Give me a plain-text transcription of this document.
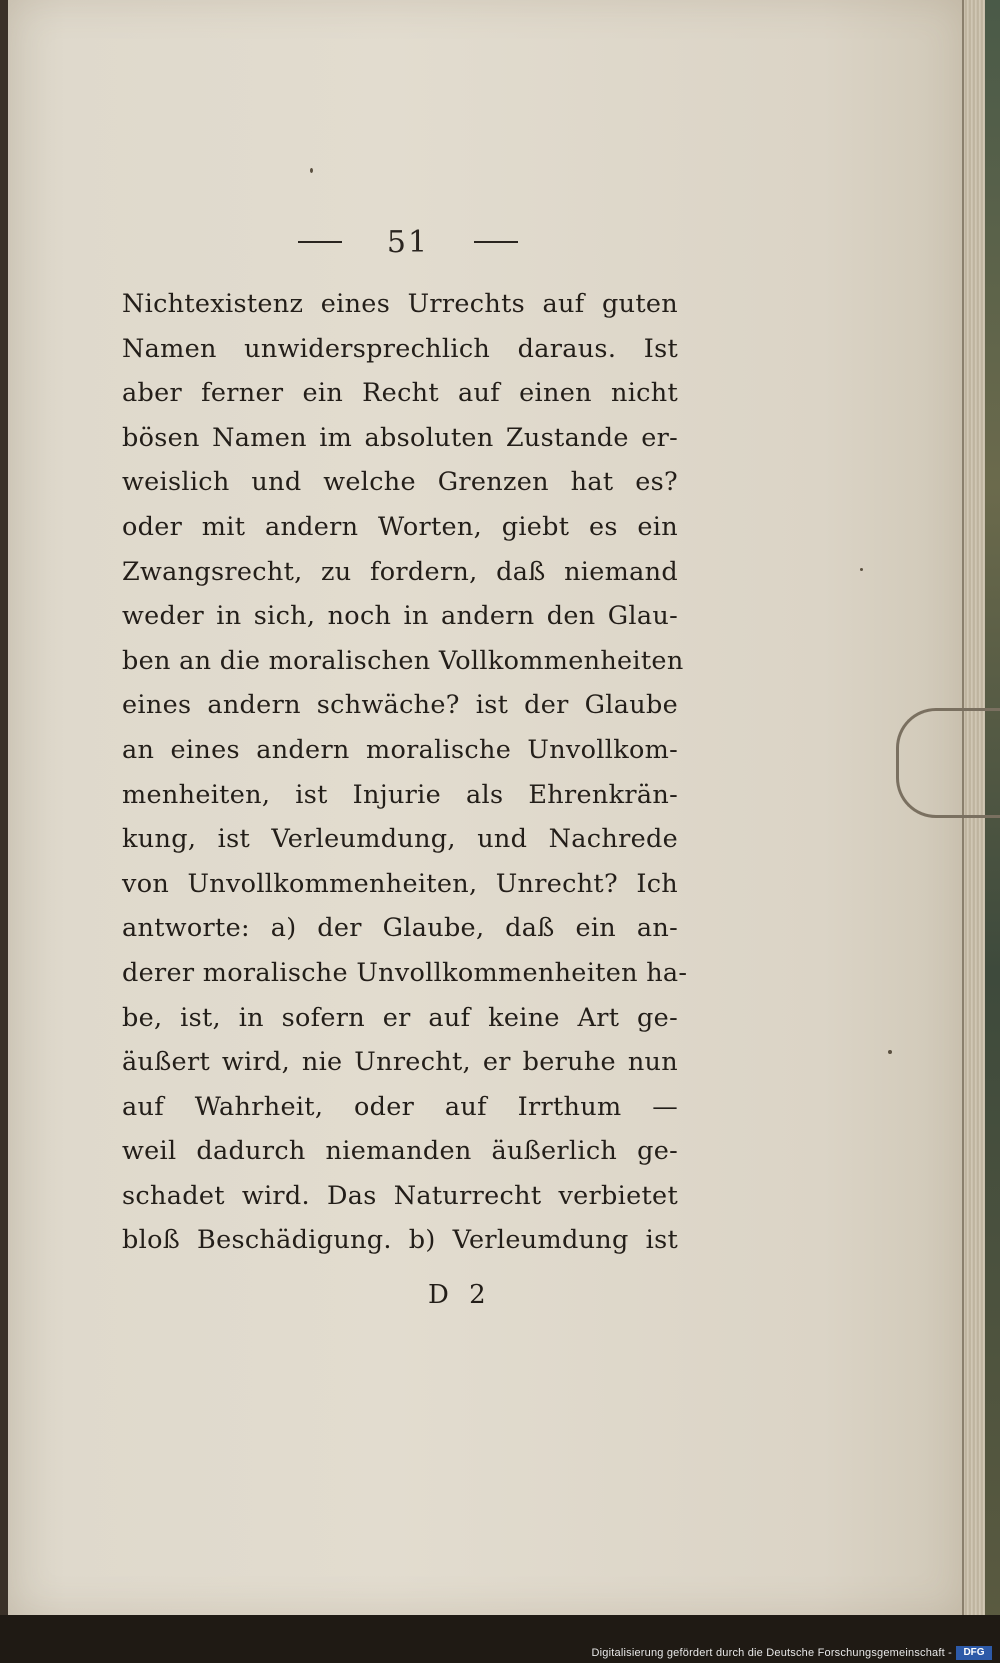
51
Nichtexistenz eines Urrechts auf guten
Namen unwidersprechlich daraus. Ist
aber ferner ein Recht auf einen nicht
bösen Namen im absoluten Zustande er-
weislich und welche Grenzen hat es?
oder mit andern Worten, giebt es ein
Zwangsrecht, zu fordern, daß niemand
weder in sich, noch in andern den Glau-
ben an die moralischen Vollkommenheiten
eines andern schwäche? ist der Glaube
an eines andern moralische Unvollkom-
menheiten, ist Injurie als Ehrenkrän-
kung, ist Verleumdung, und Nachrede
von Unvollkommenheiten, Unrecht? Ich
antworte: a) der Glaube, daß ein an-
derer moralische Unvollkommenheiten ha-
be, ist, in sofern er auf keine Art ge-
äußert wird, nie Unrecht, er beruhe nun
auf Wahrheit, oder auf Irrthum —
weil dadurch niemanden äußerlich ge-
schadet wird. Das Naturrecht verbietet
bloß Beschädigung. b) Verleumdung ist
D 2
Digitalisierung gefördert durch die Deutsche Forschungsgemeinschaft -	DFG
